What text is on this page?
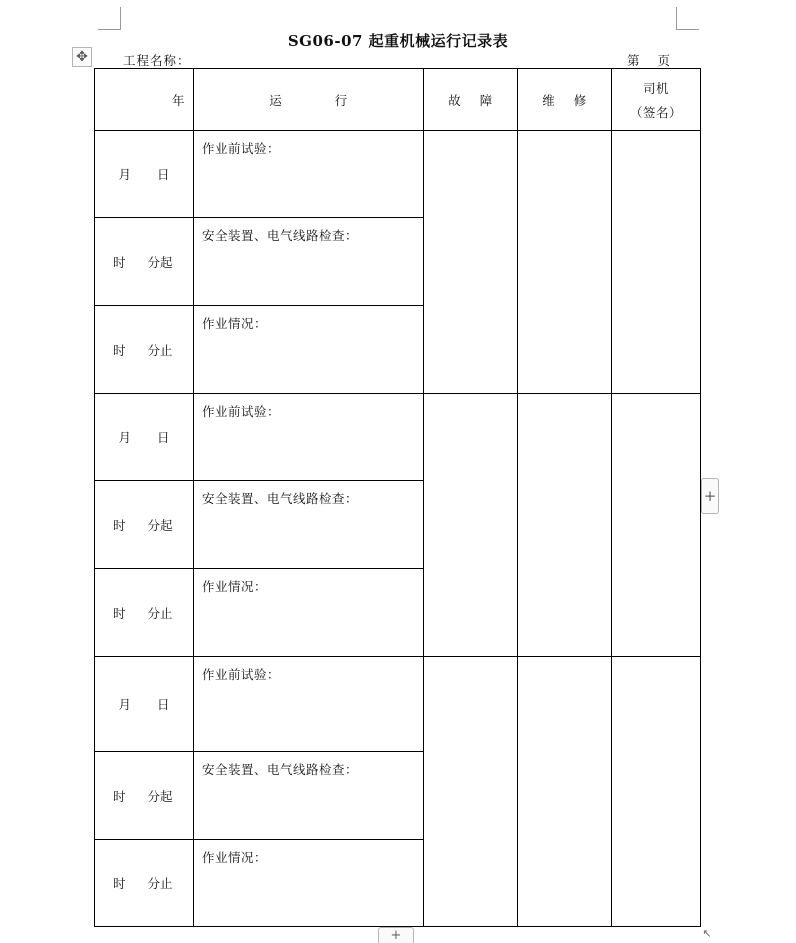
✥
SG06-07 起重机械运行记录表
工程名称：	第 页
年	运 行	故 障	维 修	司机
（签名）

月 日	作业前试验：			
时 分起	安全装置、电气线路检查：			
时 分止	作业情况：			
月 日	作业前试验：			
时 分起	安全装置、电气线路检查：			
时 分止	作业情况：			
月 日	作业前试验：			
时 分起	安全装置、电气线路检查：			
时 分止	作业情况：			
+
+	↖
